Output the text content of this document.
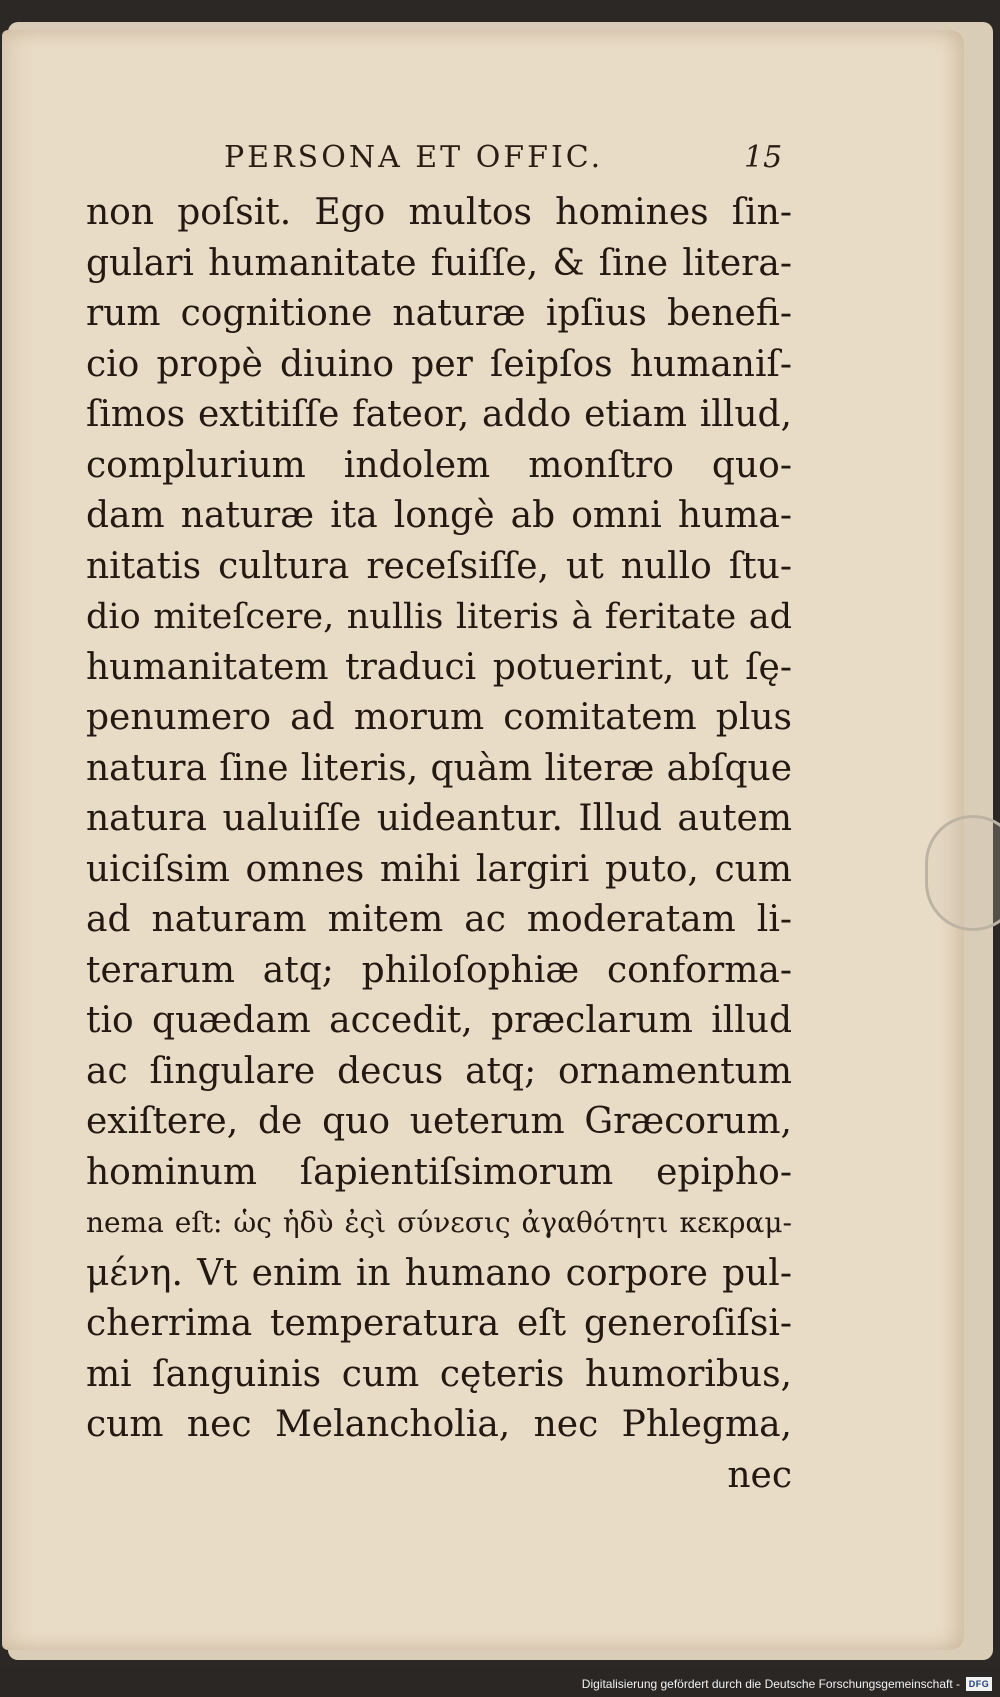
PERSONA ET OFFIC.	15
non poſsit. Ego multos homines ſin-
gulari humanitate fuiſſe, & ſine litera-
rum cognitione naturæ ipſius benefi-
cio propè diuino per ſeipſos humaniſ-
ſimos extitiſſe fateor, addo etiam illud,
complurium indolem monſtro quo-
dam naturæ ita longè ab omni huma-
nitatis cultura receſsiſſe, ut nullo ſtu-
dio miteſcere, nullis literis à feritate ad
humanitatem traduci potuerint, ut ſę-
penumero ad morum comitatem plus
natura ſine literis, quàm literæ abſque
natura ualuiſſe uideantur. Illud autem
uiciſsim omnes mihi largiri puto, cum
ad naturam mitem ac moderatam li-
terarum atq; philoſophiæ conforma-
tio quædam accedit, præclarum illud
ac ſingulare decus atq; ornamentum
exiſtere, de quo ueterum Græcorum,
hominum ſapientiſsimorum epipho-
nema eſt: ὡς ἡδὺ ἐςὶ σύνεσις ἀγαθότητι κεκραμ-
μένη. Vt enim in humano corpore pul-
cherrima temperatura eſt generoſiſsi-
mi ſanguinis cum cęteris humoribus,
cum nec Melancholia, nec Phlegma,
nec
Digitalisierung gefördert durch die Deutsche Forschungsgemeinschaft - DFG
